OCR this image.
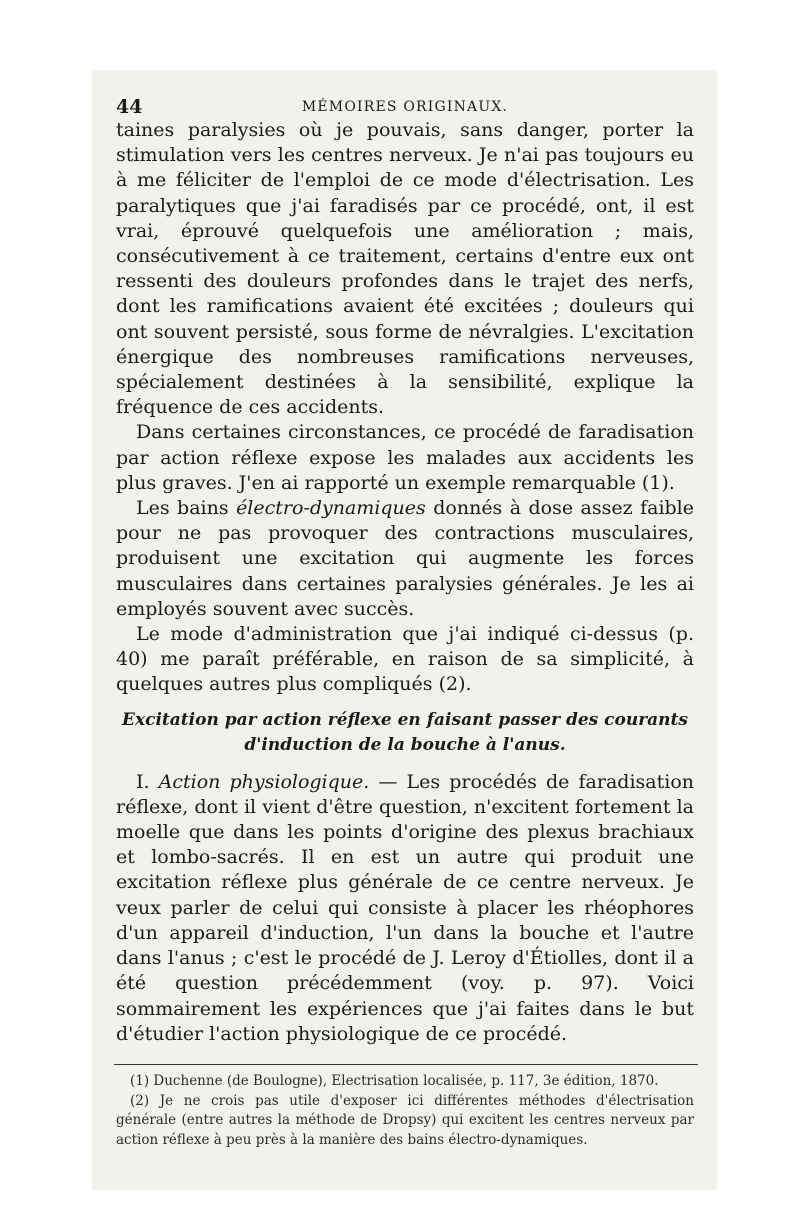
44	MÉMOIRES ORIGINAUX.

taines paralysies où je pouvais, sans danger, porter la stimulation vers les centres nerveux. Je n'ai pas toujours eu à me féliciter de l'emploi de ce mode d'électrisation. Les paralytiques que j'ai faradisés par ce procédé, ont, il est vrai, éprouvé quelquefois une amélioration ; mais, consécutivement à ce traitement, certains d'entre eux ont ressenti des douleurs profondes dans le trajet des nerfs, dont les ramifications avaient été excitées ; douleurs qui ont souvent persisté, sous forme de névralgies. L'excitation énergique des nombreuses ramifications nerveuses, spécialement destinées à la sensibilité, explique la fréquence de ces accidents.

Dans certaines circonstances, ce procédé de faradisation par action réflexe expose les malades aux accidents les plus graves. J'en ai rapporté un exemple remarquable (1).

Les bains électro-dynamiques donnés à dose assez faible pour ne pas provoquer des contractions musculaires, produisent une excitation qui augmente les forces musculaires dans certaines paralysies générales. Je les ai employés souvent avec succès.

Le mode d'administration que j'ai indiqué ci-dessus (p. 40) me paraît préférable, en raison de sa simplicité, à quelques autres plus compliqués (2).

Excitation par action réflexe en faisant passer des courants d'induction de la bouche à l'anus.

I. Action physiologique. — Les procédés de faradisation réflexe, dont il vient d'être question, n'excitent fortement la moelle que dans les points d'origine des plexus brachiaux et lombo-sacrés. Il en est un autre qui produit une excitation réflexe plus générale de ce centre nerveux. Je veux parler de celui qui consiste à placer les rhéophores d'un appareil d'induction, l'un dans la bouche et l'autre dans l'anus ; c'est le procédé de J. Leroy d'Étiolles, dont il a été question précédemment (voy. p. 97). Voici sommairement les expériences que j'ai faites dans le but d'étudier l'action physiologique de ce procédé.

(1) Duchenne (de Boulogne), Electrisation localisée, p. 117, 3e édition, 1870.

(2) Je ne crois pas utile d'exposer ici différentes méthodes d'électrisation générale (entre autres la méthode de Dropsy) qui excitent les centres nerveux par action réflexe à peu près à la manière des bains électro-dynamiques.
